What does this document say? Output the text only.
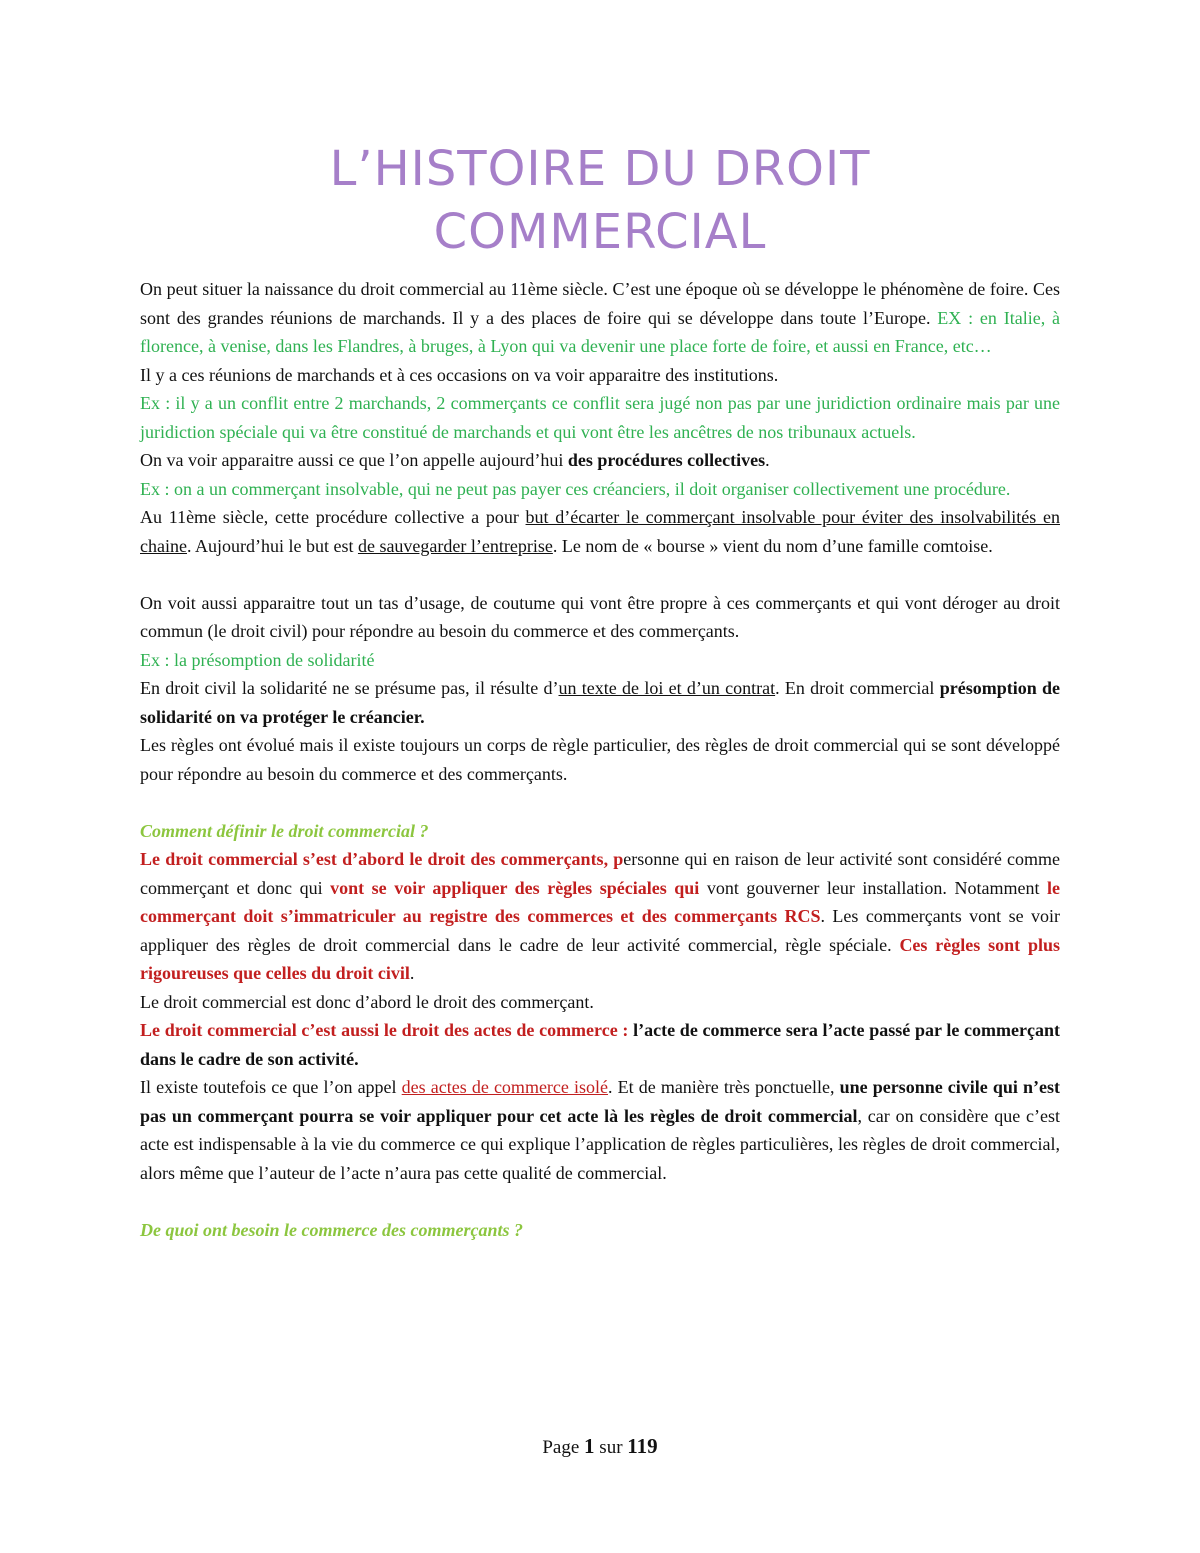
L’HISTOIRE DU DROIT
COMMERCIAL

On peut situer la naissance du droit commercial au 11ème siècle. C’est une époque où se développe le phénomène de foire. Ces sont des grandes réunions de marchands. Il y a des places de foire qui se développe dans toute l’Europe. EX : en Italie, à florence, à venise, dans les Flandres, à bruges, à Lyon qui va devenir une place forte de foire, et aussi en France, etc…

Il y a ces réunions de marchands et à ces occasions on va voir apparaitre des institutions.

Ex : il y a un conflit entre 2 marchands, 2 commerçants ce conflit sera jugé non pas par une juridiction ordinaire mais par une juridiction spéciale qui va être constitué de marchands et qui vont être les ancêtres de nos tribunaux actuels.

On va voir apparaitre aussi ce que l’on appelle aujourd’hui des procédures collectives.

Ex : on a un commerçant insolvable, qui ne peut pas payer ces créanciers, il doit organiser collectivement une procédure.

Au 11ème siècle, cette procédure collective a pour but d’écarter le commerçant insolvable pour éviter des insolvabilités en chaine. Aujourd’hui le but est de sauvegarder l’entreprise. Le nom de « bourse » vient du nom d’une famille comtoise.

On voit aussi apparaitre tout un tas d’usage, de coutume qui vont être propre à ces commerçants et qui vont déroger au droit commun (le droit civil) pour répondre au besoin du commerce et des commerçants.

Ex : la présomption de solidarité

En droit civil la solidarité ne se présume pas, il résulte d’un texte de loi et d’un contrat. En droit commercial présomption de solidarité on va protéger le créancier.

Les règles ont évolué mais il existe toujours un corps de règle particulier, des règles de droit commercial qui se sont développé pour répondre au besoin du commerce et des commerçants.

Comment définir le droit commercial ?

Le droit commercial s’est d’abord le droit des commerçants, personne qui en raison de leur activité sont considéré comme commerçant et donc qui vont se voir appliquer des règles spéciales qui vont gouverner leur installation. Notamment le commerçant doit s’immatriculer au registre des commerces et des commerçants RCS. Les commerçants vont se voir appliquer des règles de droit commercial dans le cadre de leur activité commercial, règle spéciale. Ces règles sont plus rigoureuses que celles du droit civil.

Le droit commercial est donc d’abord le droit des commerçant.

Le droit commercial c’est aussi le droit des actes de commerce : l’acte de commerce sera l’acte passé par le commerçant dans le cadre de son activité.

Il existe toutefois ce que l’on appel des actes de commerce isolé. Et de manière très ponctuelle, une personne civile qui n’est pas un commerçant pourra se voir appliquer pour cet acte là les règles de droit commercial, car on considère que c’est acte est indispensable à la vie du commerce ce qui explique l’application de règles particulières, les règles de droit commercial, alors même que l’auteur de l’acte n’aura pas cette qualité de commercial.

De quoi ont besoin le commerce des commerçants ?

Page 1 sur 119
